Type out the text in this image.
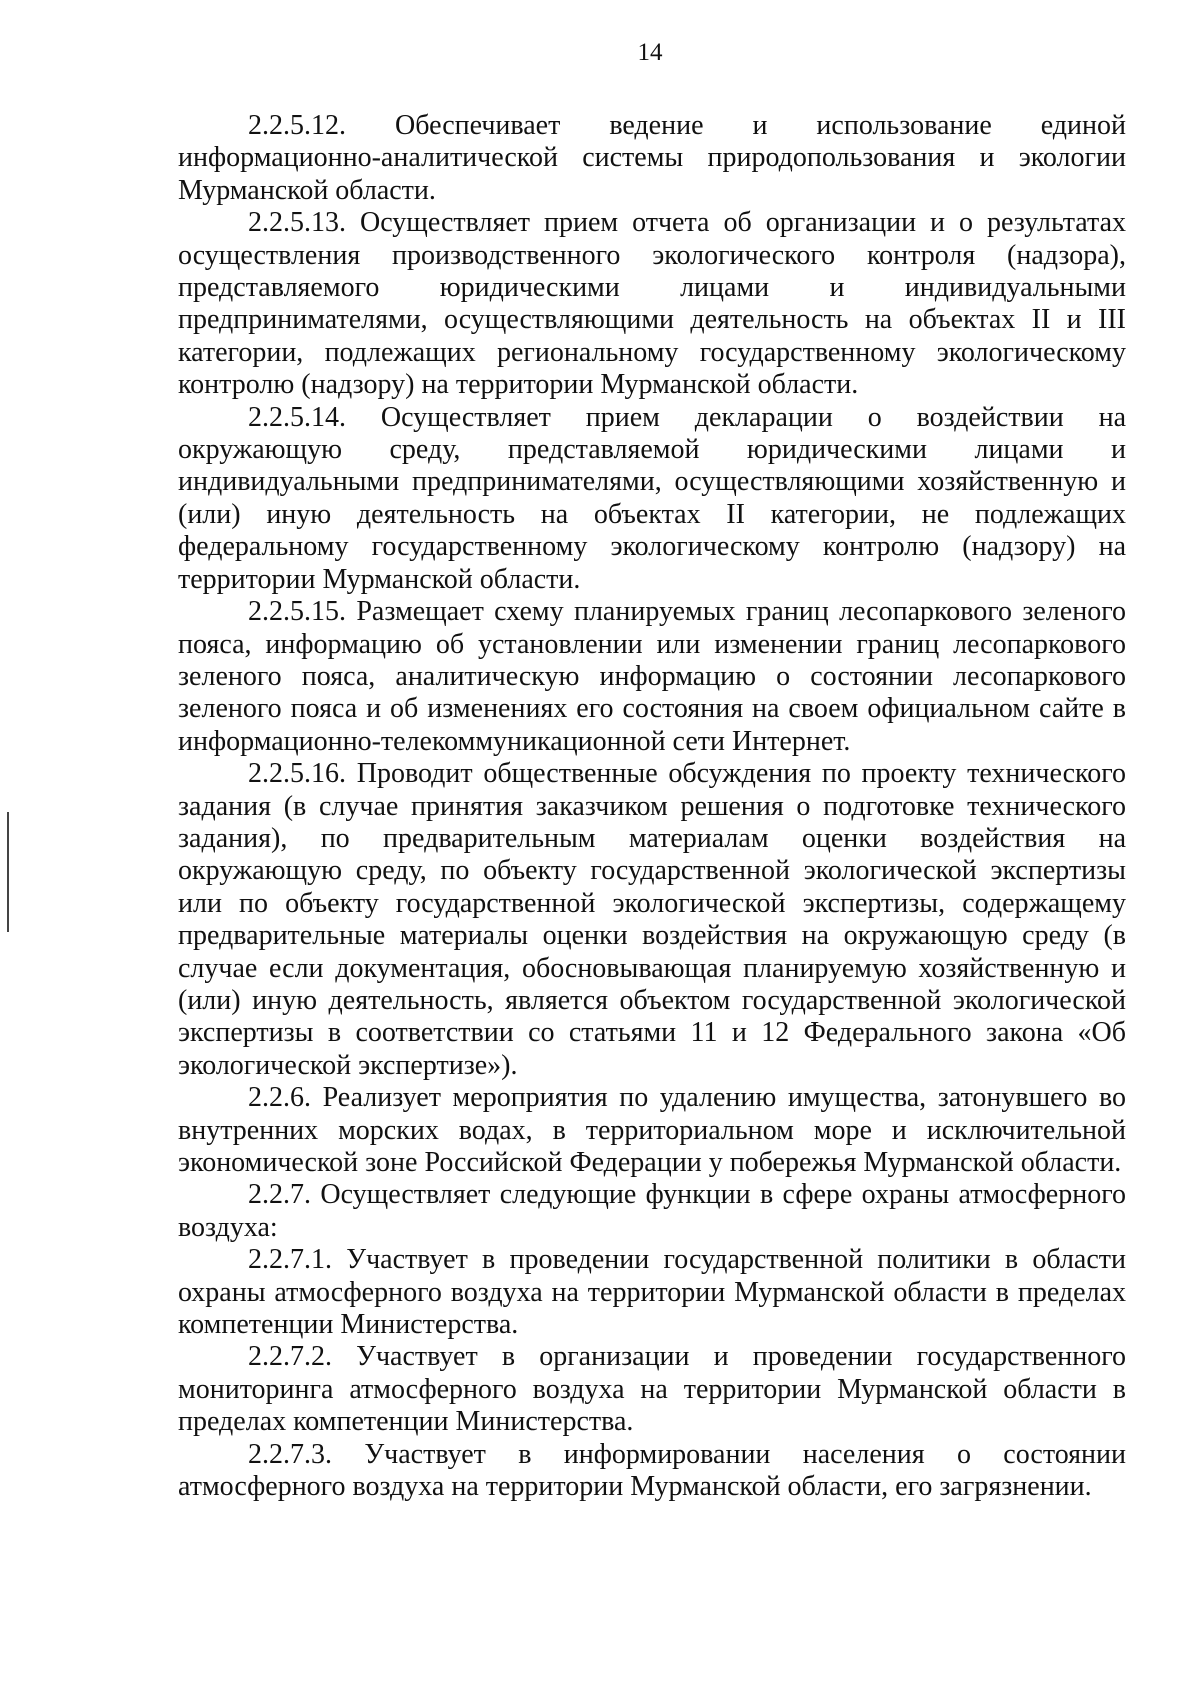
14

2.2.5.12. Обеспечивает ведение и использование единой информационно-аналитической системы природопользования и экологии Мурманской области.

2.2.5.13. Осуществляет прием отчета об организации и о результатах осуществления производственного экологического контроля (надзора), представляемого юридическими лицами и индивидуальными предпринимателями, осуществляющими деятельность на объектах II и III категории, подлежащих региональному государственному экологическому контролю (надзору) на территории Мурманской области.

2.2.5.14. Осуществляет прием декларации о воздействии на окружающую среду, представляемой юридическими лицами и индивидуальными предпринимателями, осуществляющими хозяйственную и (или) иную деятельность на объектах II категории, не подлежащих федеральному государственному экологическому контролю (надзору) на территории Мурманской области.

2.2.5.15. Размещает схему планируемых границ лесопаркового зеленого пояса, информацию об установлении или изменении границ лесопаркового зеленого пояса, аналитическую информацию о состоянии лесопаркового зеленого пояса и об изменениях его состояния на своем официальном сайте в информационно-телекоммуникационной сети Интернет.

2.2.5.16. Проводит общественные обсуждения по проекту технического задания (в случае принятия заказчиком решения о подготовке технического задания), по предварительным материалам оценки воздействия на окружающую среду, по объекту государственной экологической экспертизы или по объекту государственной экологической экспертизы, содержащему предварительные материалы оценки воздействия на окружающую среду (в случае если документация, обосновывающая планируемую хозяйственную и (или) иную деятельность, является объектом государственной экологической экспертизы в соответствии со статьями 11 и 12 Федерального закона «Об экологической экспертизе»).

2.2.6. Реализует мероприятия по удалению имущества, затонувшего во внутренних морских водах, в территориальном море и исключительной экономической зоне Российской Федерации у побережья Мурманской области.

2.2.7. Осуществляет следующие функции в сфере охраны атмосферного воздуха:

2.2.7.1. Участвует в проведении государственной политики в области охраны атмосферного воздуха на территории Мурманской области в пределах компетенции Министерства.

2.2.7.2. Участвует в организации и проведении государственного мониторинга атмосферного воздуха на территории Мурманской области в пределах компетенции Министерства.

2.2.7.3. Участвует в информировании населения о состоянии атмосферного воздуха на территории Мурманской области, его загрязнении.
